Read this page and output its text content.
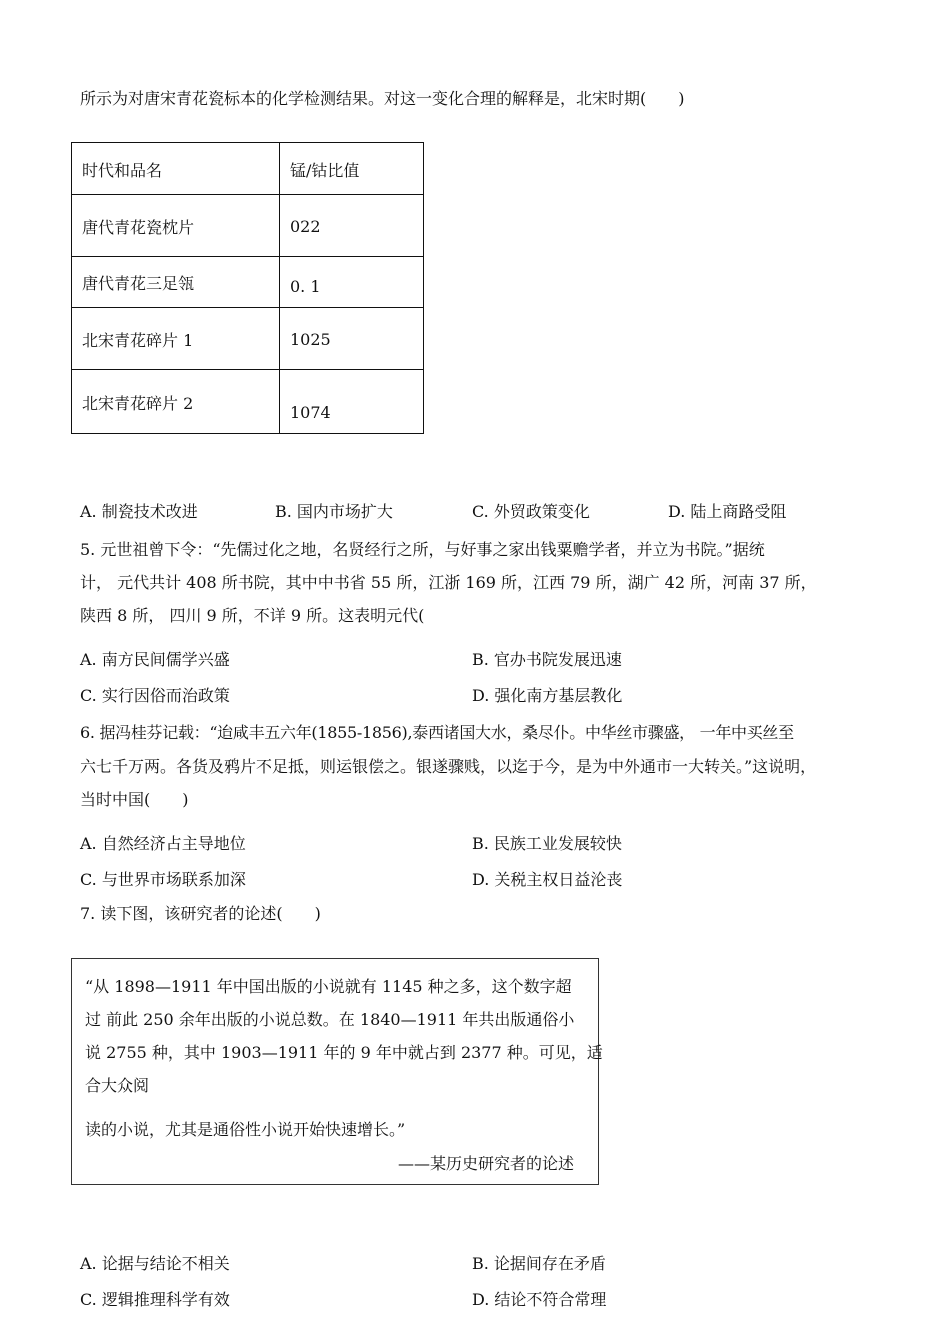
所示为对唐宋青花瓷标本的化学检测结果。对这一变化合理的解释是，北宋时期(　　)
时代和品名	锰/钴比值
唐代青花瓷枕片	022
唐代青花三足瓴	0. 1
北宋青花碎片 1	1025
北宋青花碎片 2	1074
A. 制瓷技术改进	B. 国内市场扩大	C. 外贸政策变化	D. 陆上商路受阻
5. 元世祖曾下令：“先儒过化之地，名贤经行之所，与好事之家出钱粟赡学者，并立为书院。”据统
计， 元代共计 408 所书院，其中中书省 55 所，江浙 169 所，江西 79 所，湖广 42 所，河南 37 所，
陕西 8 所， 四川 9 所，不详 9 所。这表明元代(
A. 南方民间儒学兴盛	B. 官办书院发展迅速
C. 实行因俗而治政策	D. 强化南方基层教化
6. 据冯桂芬记载：“迨咸丰五六年(1855-1856),泰西诸国大水，桑尽仆。中华丝市骤盛， 一年中买丝至
六七千万两。各货及鸦片不足抵，则运银偿之。银遂骤贱，以迄于今，是为中外通市一大转关。”这说明，
当时中国(　　)
A. 自然经济占主导地位	B. 民族工业发展较快
C. 与世界市场联系加深	D. 关税主权日益沦丧
7. 读下图，该研究者的论述(　　)
“从 1898—1911 年中国出版的小说就有 1145 种之多，这个数字超
过 前此 250 余年出版的小说总数。在 1840—1911 年共出版通俗小
说 2755 种，其中 1903—1911 年的 9 年中就占到 2377 种。可见，适
合大众阅
读的小说，尤其是通俗性小说开始快速增长。”
——某历史研究者的论述
A. 论据与结论不相关	B. 论据间存在矛盾
C. 逻辑推理科学有效	D. 结论不符合常理
